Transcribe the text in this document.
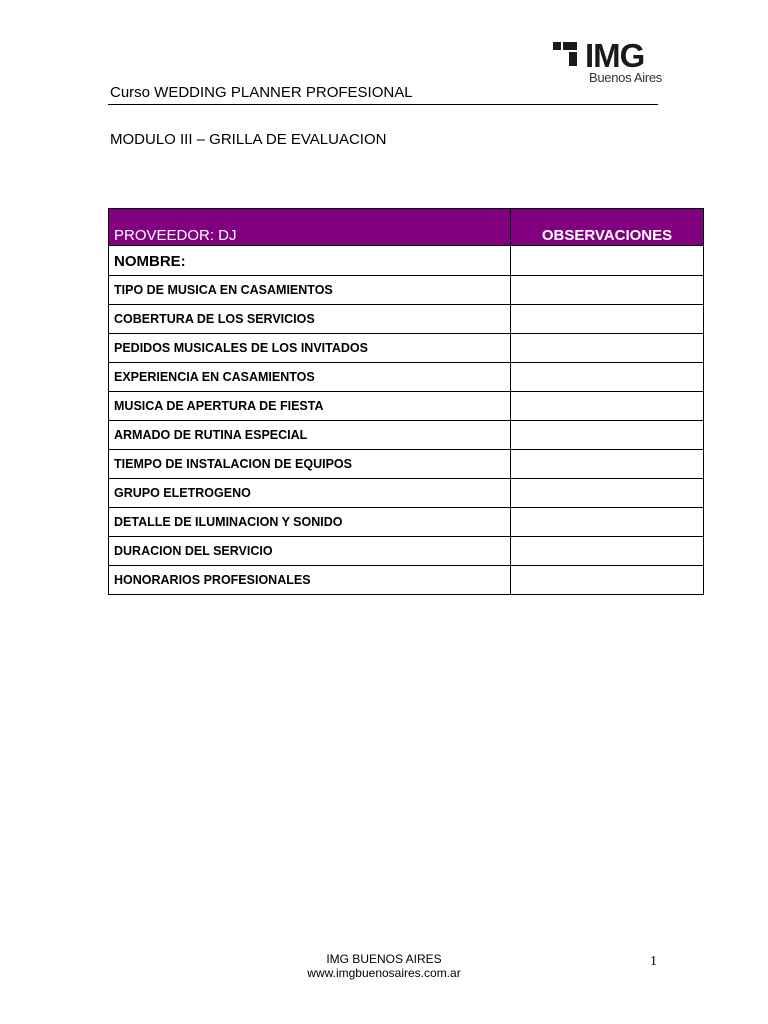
IMG
Buenos Aires
Curso WEDDING PLANNER PROFESIONAL
MODULO III – GRILLA DE EVALUACION
PROVEEDOR: DJ	OBSERVACIONES
NOMBRE:	
TIPO DE MUSICA EN CASAMIENTOS	
COBERTURA DE LOS SERVICIOS	
PEDIDOS MUSICALES DE LOS INVITADOS	
EXPERIENCIA EN CASAMIENTOS	
MUSICA DE APERTURA DE FIESTA	
ARMADO DE RUTINA ESPECIAL	
TIEMPO DE INSTALACION DE EQUIPOS	
GRUPO ELETROGENO	
DETALLE DE ILUMINACION Y SONIDO	
DURACION DEL SERVICIO	
HONORARIOS PROFESIONALES	
IMG BUENOS AIRES
www.imgbuenosaires.com.ar
1
